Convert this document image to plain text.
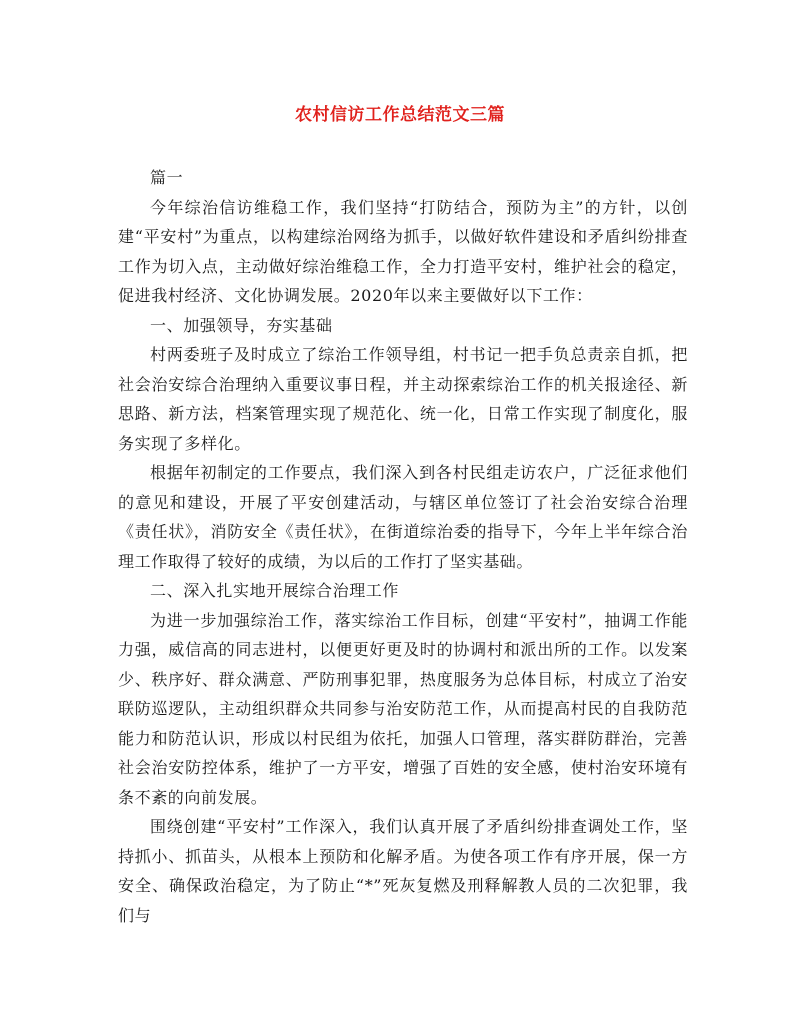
农村信访工作总结范文三篇

篇一

今年综治信访维稳工作，我们坚持“打防结合，预防为主”的方针，以创建“平安村”为重点，以构建综治网络为抓手，以做好软件建设和矛盾纠纷排查工作为切入点，主动做好综治维稳工作，全力打造平安村，维护社会的稳定，促进我村经济、文化协调发展。2020年以来主要做好以下工作：

一、加强领导，夯实基础

村两委班子及时成立了综治工作领导组，村书记一把手负总责亲自抓，把社会治安综合治理纳入重要议事日程，并主动探索综治工作的机关报途径、新思路、新方法，档案管理实现了规范化、统一化，日常工作实现了制度化，服务实现了多样化。

根据年初制定的工作要点，我们深入到各村民组走访农户，广泛征求他们的意见和建设，开展了平安创建活动，与辖区单位签订了社会治安综合治理《责任状》，消防安全《责任状》，在街道综治委的指导下，今年上半年综合治理工作取得了较好的成绩，为以后的工作打了坚实基础。

二、深入扎实地开展综合治理工作

为进一步加强综治工作，落实综治工作目标，创建“平安村”，抽调工作能力强，威信高的同志进村，以便更好更及时的协调村和派出所的工作。以发案少、秩序好、群众满意、严防刑事犯罪，热度服务为总体目标，村成立了治安联防巡逻队，主动组织群众共同参与治安防范工作，从而提高村民的自我防范能力和防范认识，形成以村民组为依托，加强人口管理，落实群防群治，完善社会治安防控体系，维护了一方平安，增强了百姓的安全感，使村治安环境有条不紊的向前发展。

围绕创建“平安村”工作深入，我们认真开展了矛盾纠纷排查调处工作，坚持抓小、抓苗头，从根本上预防和化解矛盾。为使各项工作有序开展，保一方安全、确保政治稳定，为了防止“*”死灰复燃及刑释解教人员的二次犯罪，我们与
